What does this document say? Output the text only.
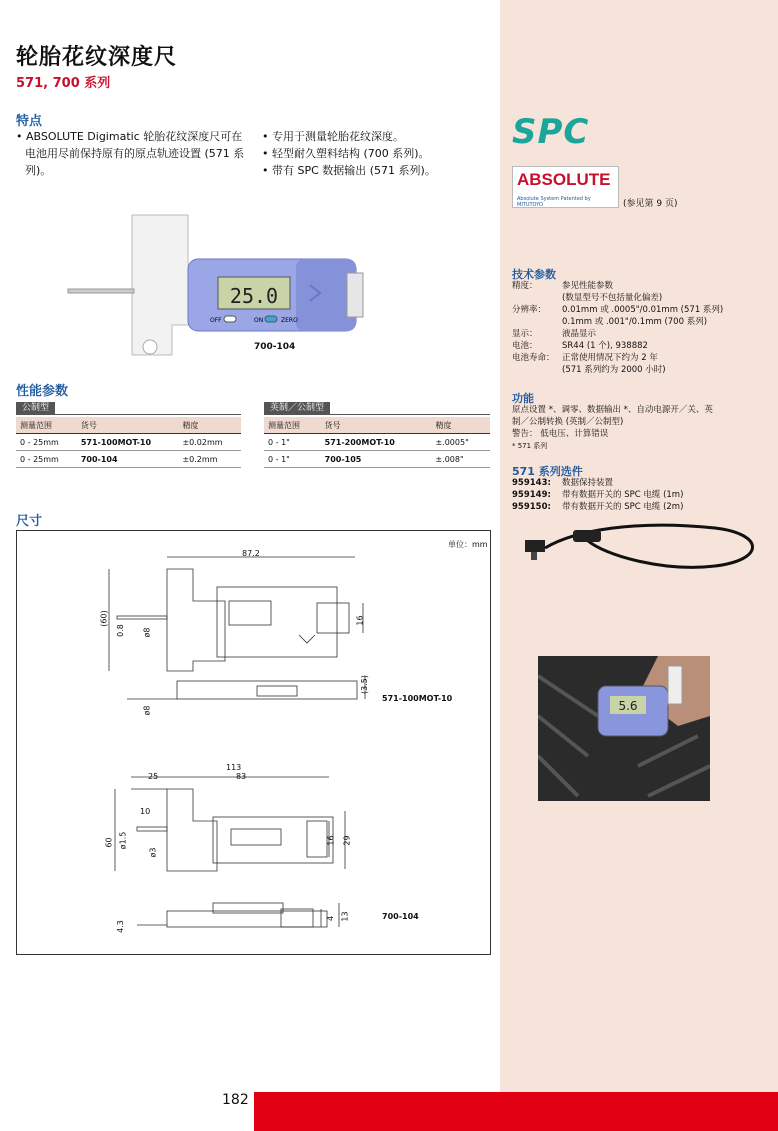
轮胎花纹深度尺
571, 700 系列
特点
• ABSOLUTE Digimatic 轮胎花纹深度尺可在电池用尽前保持原有的原点轨迹设置 (571 系列)。
• 专用于测量轮胎花纹深度。
• 轻型耐久塑料结构 (700 系列)。
• 带有 SPC 数据输出 (571 系列)。
25.0
OFF	ON	ZERO
700-104
性能参数
公制型
测量范围	货号	精度
0 - 25mm	571-100MOT-10	±0.02mm
0 - 25mm	700-104	±0.2mm
英制／公制型
测量范围	货号	精度
0 - 1"	571-200MOT-10	±.0005"
0 - 1"	700-105	±.008"
尺寸
单位：mm
87.2
(60)
0.8 ø8
16
(3.5)
ø8
571-100MOT-10
113
25	83
10
60 ø1.5
ø3
16 29
4.3
4 13	700-104
SPC
ABSOLUTE
Absolute System Patented by MITUTOYO	(参见第 9 页)
技术参数
精度：	参见性能参数
(数显型号不包括量化偏差)
分辨率：	0.01mm 或 .0005"/0.01mm (571 系列)
0.1mm 或 .001"/0.1mm (700 系列)
显示：	液晶显示
电池：	SR44 (1 个), 938882
电池寿命： 正常使用情况下约为 2 年
(571 系列约为 2000 小时)
功能
原点设置 *、调零、数据输出 *、自动电源开／关、英
制／公制转换 (英制／公制型)
警告： 低电压、计算错误
* 571 系列
571 系列选件
959143:	数据保持装置
959149:	带有数据开关的 SPC 电缆 (1m)
959150:	带有数据开关的 SPC 电缆 (2m)
5.6
182
